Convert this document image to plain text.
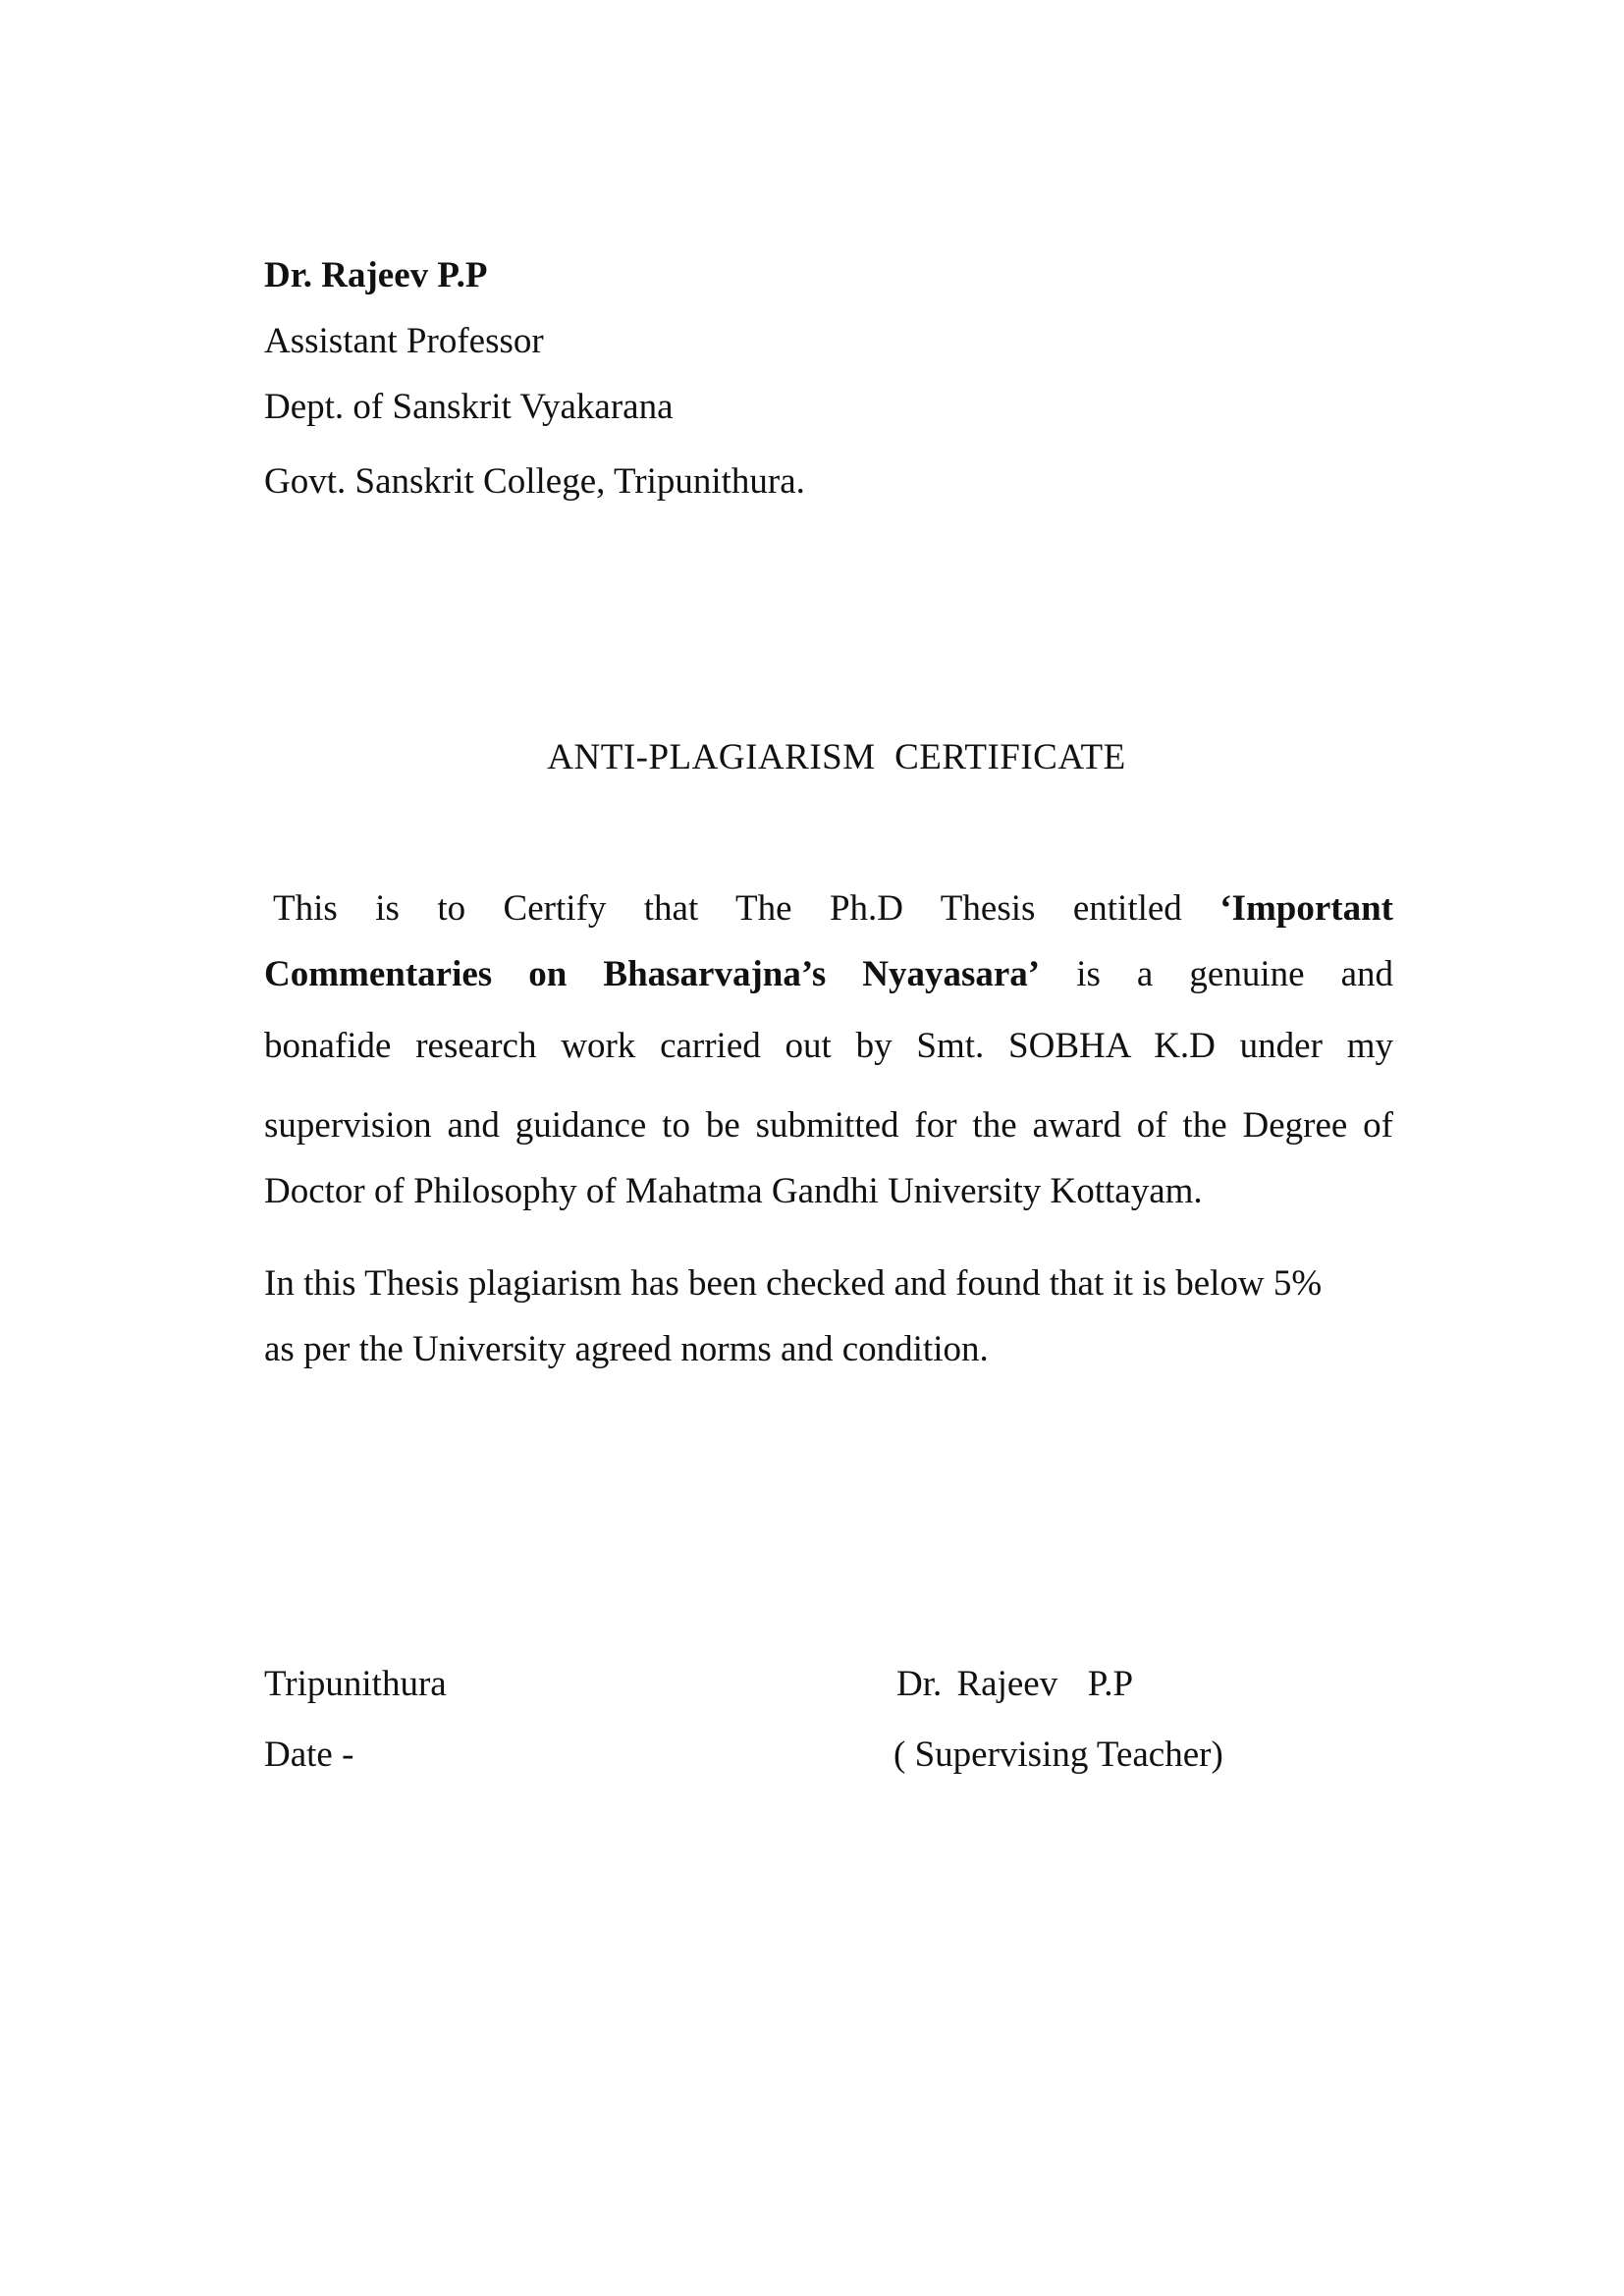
Dr. Rajeev P.P
Assistant Professor
Dept. of Sanskrit Vyakarana
Govt. Sanskrit College, Tripunithura.
ANTI-PLAGIARISM  CERTIFICATE
This is to Certify that The Ph.D Thesis entitled ‘Important
Commentaries on Bhasarvajna’s Nyayasara’ is a genuine and
bonafide research work carried out by Smt. SOBHA K.D under my
supervision and guidance to be submitted for the award of the Degree of
Doctor of Philosophy of Mahatma Gandhi University Kottayam.
In this Thesis plagiarism has been checked and found that it is below 5%
as per the University agreed norms and condition.
Tripunithura
Date -
Dr. Rajeev  P.P
( Supervising Teacher)
